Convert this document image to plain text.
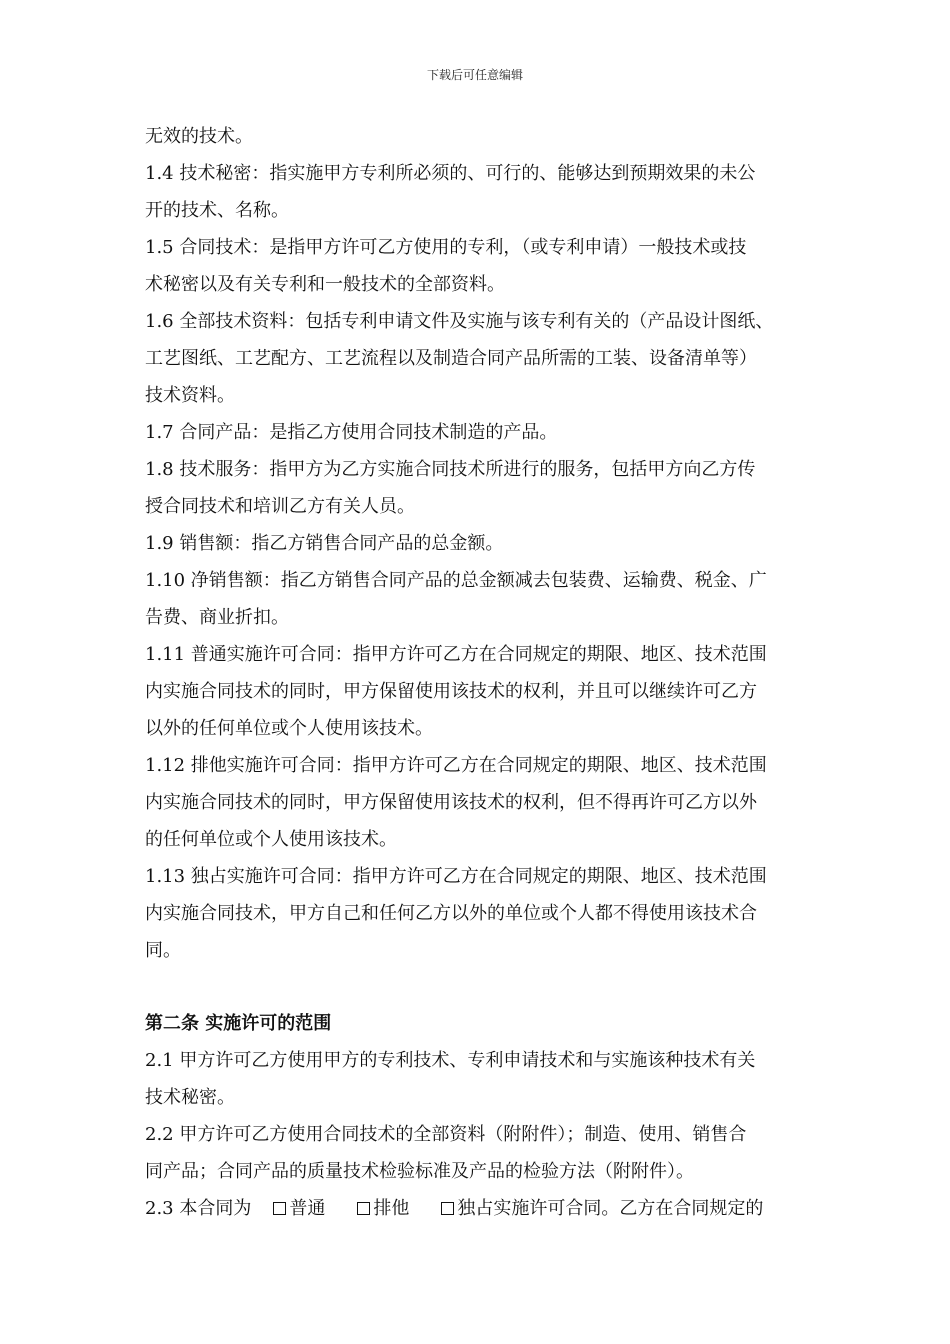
下载后可任意编辑
无效的技术。
1.4 技术秘密：指实施甲方专利所必须的、可行的、能够达到预期效果的未公
开的技术、名称。
1.5 合同技术：是指甲方许可乙方使用的专利，（或专利申请）一般技术或技
术秘密以及有关专利和一般技术的全部资料。
1.6 全部技术资料：包括专利申请文件及实施与该专利有关的（产品设计图纸、
工艺图纸、工艺配方、工艺流程以及制造合同产品所需的工装、设备清单等）
技术资料。
1.7 合同产品：是指乙方使用合同技术制造的产品。
1.8 技术服务：指甲方为乙方实施合同技术所进行的服务，包括甲方向乙方传
授合同技术和培训乙方有关人员。
1.9 销售额：指乙方销售合同产品的总金额。
1.10 净销售额：指乙方销售合同产品的总金额减去包装费、运输费、税金、广
告费、商业折扣。
1.11 普通实施许可合同：指甲方许可乙方在合同规定的期限、地区、技术范围
内实施合同技术的同时，甲方保留使用该技术的权利，并且可以继续许可乙方
以外的任何单位或个人使用该技术。
1.12 排他实施许可合同：指甲方许可乙方在合同规定的期限、地区、技术范围
内实施合同技术的同时，甲方保留使用该技术的权利，但不得再许可乙方以外
的任何单位或个人使用该技术。
1.13 独占实施许可合同：指甲方许可乙方在合同规定的期限、地区、技术范围
内实施合同技术，甲方自己和任何乙方以外的单位或个人都不得使用该技术合
同。
第二条 实施许可的范围
2.1 甲方许可乙方使用甲方的专利技术、专利申请技术和与实施该种技术有关
技术秘密。
2.2 甲方许可乙方使用合同技术的全部资料（附附件）；制造、使用、销售合
同产品；合同产品的质量技术检验标准及产品的检验方法（附附件）。
2.3 本合同为 普通	排他	独占实施许可合同。乙方在合同规定的
